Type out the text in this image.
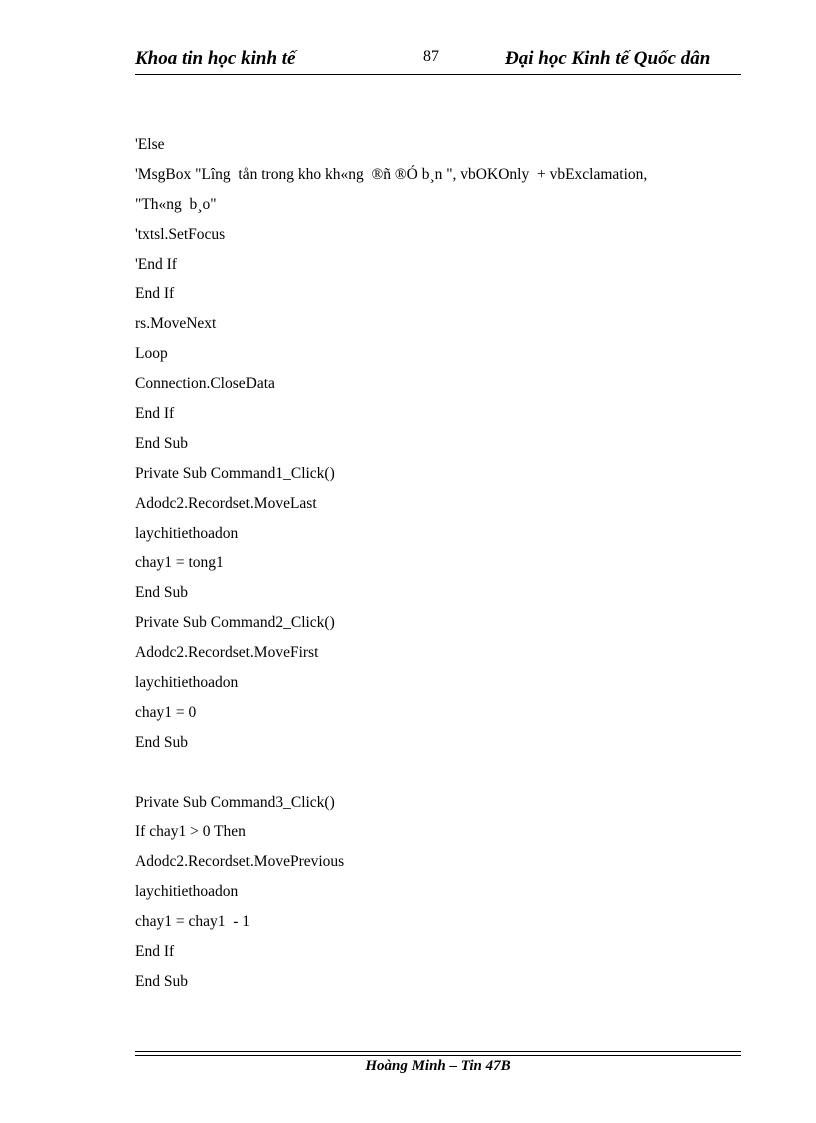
Khoa tin học kinh tế	87	Đại học Kinh tế Quốc dân
'Else
'MsgBox "Lîng  tån trong kho kh«ng  ®ñ ®Ó b¸n ", vbOKOnly  + vbExclamation,
"Th«ng  b¸o"
'txtsl.SetFocus
'End If
End If
rs.MoveNext
Loop
Connection.CloseData
End If
End Sub
Private Sub Command1_Click()
Adodc2.Recordset.MoveLast
laychitiethoadon
chay1 = tong1
End Sub
Private Sub Command2_Click()
Adodc2.Recordset.MoveFirst
laychitiethoadon
chay1 = 0
End Sub
Private Sub Command3_Click()
If chay1 > 0 Then
Adodc2.Recordset.MovePrevious
laychitiethoadon
chay1 = chay1  - 1
End If
End Sub
Hoàng Minh – Tin 47B
